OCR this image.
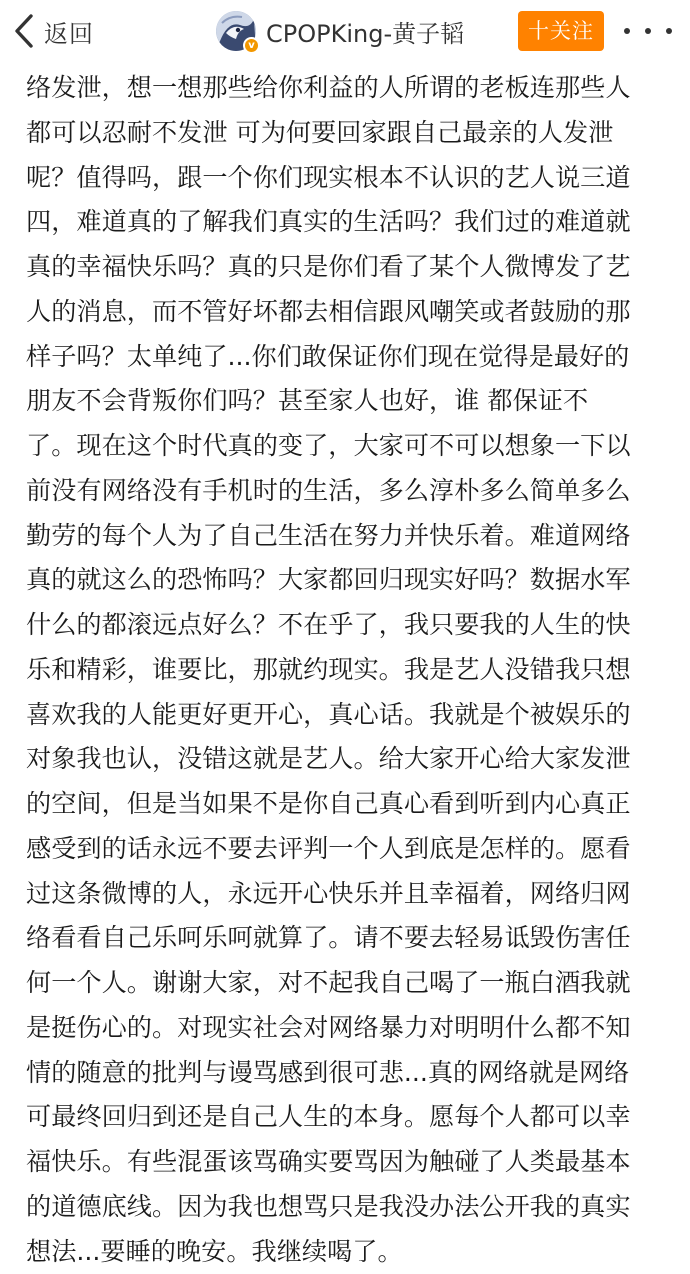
返回	v CPOPKing-黄子韬	十关注
络发泄，想一想那些给你利益的人所谓的老板连那些人
都可以忍耐不发泄 可为何要回家跟自己最亲的人发泄
呢？值得吗，跟一个你们现实根本不认识的艺人说三道
四，难道真的了解我们真实的生活吗？我们过的难道就
真的幸福快乐吗？真的只是你们看了某个人微博发了艺
人的消息，而不管好坏都去相信跟风嘲笑或者鼓励的那
样子吗？太单纯了...你们敢保证你们现在觉得是最好的
朋友不会背叛你们吗？甚至家人也好，谁 都保证不
了。现在这个时代真的变了，大家可不可以想象一下以
前没有网络没有手机时的生活，多么淳朴多么简单多么
勤劳的每个人为了自己生活在努力并快乐着。难道网络
真的就这么的恐怖吗？大家都回归现实好吗？数据水军
什么的都滚远点好么？不在乎了，我只要我的人生的快
乐和精彩，谁要比，那就约现实。我是艺人没错我只想
喜欢我的人能更好更开心，真心话。我就是个被娱乐的
对象我也认，没错这就是艺人。给大家开心给大家发泄
的空间，但是当如果不是你自己真心看到听到内心真正
感受到的话永远不要去评判一个人到底是怎样的。愿看
过这条微博的人，永远开心快乐并且幸福着，网络归网
络看看自己乐呵乐呵就算了。请不要去轻易诋毁伤害任
何一个人。谢谢大家，对不起我自己喝了一瓶白酒我就
是挺伤心的。对现实社会对网络暴力对明明什么都不知
情的随意的批判与谩骂感到很可悲...真的网络就是网络
可最终回归到还是自己人生的本身。愿每个人都可以幸
福快乐。有些混蛋该骂确实要骂因为触碰了人类最基本
的道德底线。因为我也想骂只是我没办法公开我的真实
想法...要睡的晚安。我继续喝了。
